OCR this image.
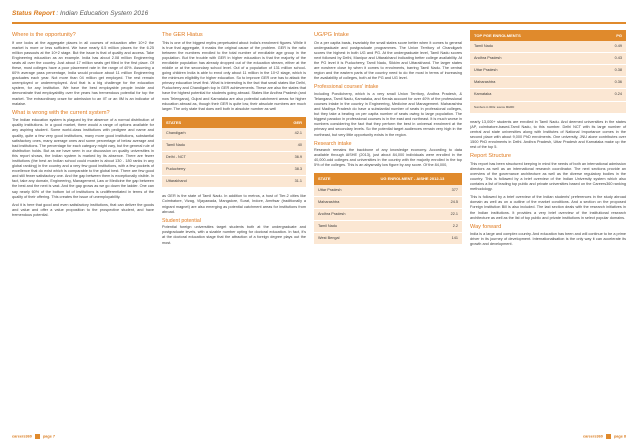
Status Report : Indian Education System 2016
Where is the opportunity?

If one looks at the aggregate places in all courses of education after 10+2 the market is more or less sufficient. We have nearly 6.5 million places for the 6.25 million passouts at the 10+2 stage. But the issue is that of quality and access. Take Engineering education as an example. India has about 2.08 million Engineering seats all over the country. Just about 17 million seats get filled in the first place. Of these, most colleges have a poor placement rate in the range of 40%. Assuming a 60% average pass percentage, India would produce about 11 million Engineering graduates each year. Not more than 04 million get employed. The rest remain unemployed or underemployed. And that is a big challenge for the education system, for any institution. We have the best employable people inside and demonstrate that employability over the years has tremendous potential for top the market. The extraordinary craze for admission to an IIT or an IIM is an indicator of malaise.

What is wrong with the current system?

The Indian education system is plagued by the absence of a normal distribution of quality institutions. In a good market, there would a range of options available for any aspiring student. Some world-class institutions with pedigree and name and quality, quite a few very good institutions, many more good institutions, substantial satisfactory ones, many average ones and some percentage of below average and bad institutions. The percentage for each category might vary, but the general rule of distribution holds. But as we have seen in our discussion on quality universities in this report shows, the Indian system is marked by its absence. There are fewer institutions (the best an Indian school could muster is about 130 - 180 ranks in any global ranking) in the country and a very few good institutions, with a few pockets of excellence that do exist which is comparable to the global best. There are few good and still fewer satisfactory one. And the gap between them is exceptionally visible. In fact, take any domain, Engineering, Management, Law or Medicine the gap between the best and the next is vast. And the gap grows as we go down the ladder. One can say nearly 60% of the bottom lot of institutions is undifferentiated in terms of the quality of their offering. This creates the issue of unemployability.

And it is here that good and even satisfactory institutions, that can deliver the goods and value and offer a value proposition to the prospective student, and have tremendous potential.

The GER Hiatus

This is one of the biggest myths perpetuated about India's enrolment figures. While it is true that aggregate, it masks the original cause of the problem. GER is the ratio between the numbers enrolled to the total number of enrollable age group in the population. But the trouble with GER in higher education is that the majority of the enrollable population has already dropped out of the education stream, either at the middle or at the secondary school level. Out of a population of 131 million school-going children India is able to enrol only about 11 million in the 10+2 stage, which is the minimum eligibility for higher education. So to improve GER one has to attack the primary education level first. What is interesting is the fact that small states like Delhi, Puducherry and Chandigarh top in GER achievements. These are also the states that have the highest potential for students going abroad. States like Andhra Pradesh (and now Telengana), Gujrat and Karnataka are also potential catchment areas for higher education abroad as, though their GER is quite low, their absolute numbers are much larger. The only state that does well both in absolute number as well

STATES	GER
Chandigarh	42.1
Tamil Nadu	40
Delhi - NCT	36.9
Puducherry	38.3
Uttarakhand	31.1

as GER is the state of Tamil Nadu. In addition to metros, a host of Tier-2 cities like Coimbatore, Vizag, Vijayawada, Mangalore, Surat, Indore, Amritsar (traditionally a migrant magnet) are also emerging as potential catchment areas for institutions from abroad.

Student potential

Potential foreign universities target students both at the undergraduate and postgraduate levels, with a sizable number opting for doctoral education. In fact, it's at the doctoral education stage that the attraction of a foreign degree plays out the most.

UG/PG Intake

On a per capita basis, invariably the small states score better when it comes to general undergraduate and postgraduate programmes. The Union Territory of Chandigarh scores the highest in both UG and PG. At the undergraduate level, Tamil Nadu scores next followed by Delhi, Manipur and Uttarakhand indicating better college availability. At the PG level it is Puducherry, Tamil Nadu, Sikkim and Uttarakhand. The larger states are nowhere close by when it comes to enrolments, barring Tamil Nadu. The central region and the eastern parts of the country need to do the most in terms of increasing the availability of colleges, both at the PG and UG level.

Professional courses' intake

Including Pondicherry, which is a very small Union Territory, Andhra Pradesh, & Telangana, Tamil Nadu, Karnataka, and Kerala account for over 40% of the professional courses intake in the country in Engineering, Medicine and Management. Maharashtra and Madhya Pradesh do have a substantial number of seats in professional colleges, but they take a beating on per capita number of seats owing to large population. The biggest paradox in professional courses is in the east and northeast. It is much worse in numbers considering the fact that they perform the best in universal enrolment at the primary and secondary levels. So the potential target audiences remain very high in the northeast, but very little opportunity exists in the region.

Research intake

Research remains the backbone of any knowledge economy. According to data available through AISHE (2013), just about 84,000 individuals were enrolled in the 40,000-odd colleges and universities in the country with the majority enrolled in the top 5% of the colleges. This is an abysmally low figure by any score. Of the 84,000,

STATE	UG ENROLMENT - AISHE 2012-13
Uttar Pradesh	377
Maharashtra	24.5
Andhra Pradesh	22.1
Tamil Nadu	2.2
West Bengal	141
TOP PGE ENROLMENTS	PG
Tamil Nadu	0.49
Andhra Pradesh	0.43
Uttar Pradesh	0.38
Maharashtra	0.36
Karnataka	0.24
Numbers in 000s: source MHRD	

nearly 13,000+ students are enrolled in Tamil Nadu. And deemed universities in the states (AP, coimbatore-based-Tamil Nadu, to this number. Delhi NCT with its large number of central and state universities along with Institutes of National Importance comes in the second place with about 9,000 PhD enrolments. One university, JNU alone contributes over 1500 PhD enrolments in Delhi. Andhra Pradesh, Uttar Pradesh and Karnataka make up the rest of the top 5.

Report Structure

This report has been structured keeping in mind the needs of both an international admission directors as well as an international research coordinator. The next sections provide an overview of the governance architecture as well as the diverse regulatory bodies in the country. This is followed by a brief overview of the Indian University system which also contains a list of leading top public and private universities based on the Careers360 ranking methodology.

This is followed by a brief overview of the Indian students' preferences in the study abroad domain as well as on a outline of the market conditions. And a section on the proposed Foreign Institution Bill is also included. The last section deals with the research initiatives in the Indian institutions. It provides a very brief overview of the institutional research architecture as well as the list of top public and private institutions in select popular domains.

Way forward

India is a large and complex country. And education has been and will continue to be a prime driver in its journey of development. Internationalisation is the only way it can accelerate its growth and development.

careers360	page 7	careers360	page 8
